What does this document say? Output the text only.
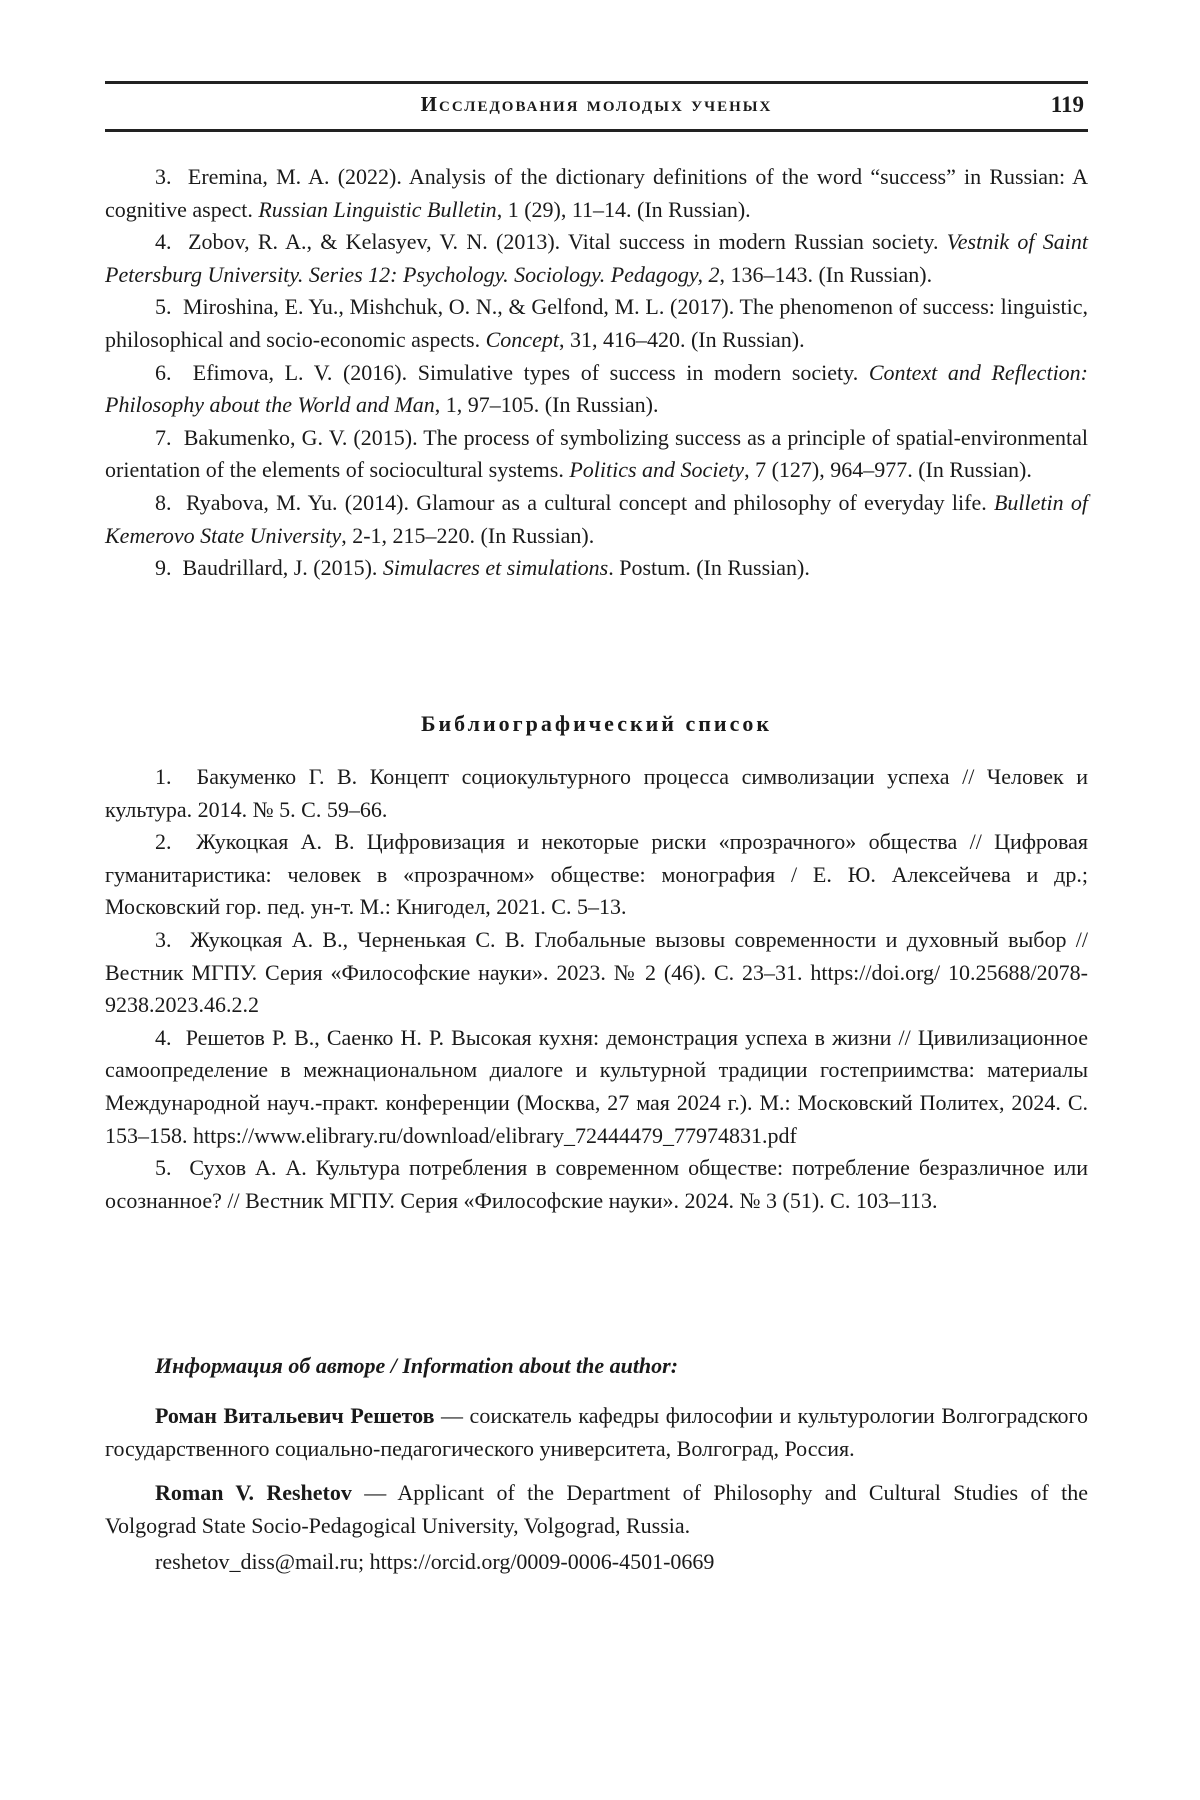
Исследования молодых ученых	119

3. Eremina, M. A. (2022). Analysis of the dictionary definitions of the word “success” in Russian: A cognitive aspect. Russian Linguistic Bulletin, 1 (29), 11–14. (In Russian).

4. Zobov, R. A., & Kelasyev, V. N. (2013). Vital success in modern Russian society. Vestnik of Saint Petersburg University. Series 12: Psychology. Sociology. Pedagogy, 2, 136–143. (In Russian).

5. Miroshina, E. Yu., Mishchuk, O. N., & Gelfond, M. L. (2017). The phenomenon of success: linguistic, philosophical and socio-economic aspects. Concept, 31, 416–420. (In Russian).

6. Efimova, L. V. (2016). Simulative types of success in modern society. Context and Reflection: Philosophy about the World and Man, 1, 97–105. (In Russian).

7. Bakumenko, G. V. (2015). The process of symbolizing success as a principle of spatial-environmental orientation of the elements of sociocultural systems. Politics and Society, 7 (127), 964–977. (In Russian).

8. Ryabova, M. Yu. (2014). Glamour as a cultural concept and philosophy of everyday life. Bulletin of Kemerovo State University, 2-1, 215–220. (In Russian).

9. Baudrillard, J. (2015). Simulacres et simulations. Postum. (In Russian).

Библиографический список

1. Бакуменко Г. В. Концепт социокультурного процесса символизации успеха // Человек и культура. 2014. № 5. С. 59–66.

2. Жукоцкая А. В. Цифровизация и некоторые риски «прозрачного» общества // Цифровая гуманитаристика: человек в «прозрачном» обществе: монография / Е. Ю. Алексейчева и др.; Московский гор. пед. ун-т. М.: Книгодел, 2021. С. 5–13.

3. Жукоцкая А. В., Черненькая С. В. Глобальные вызовы современности и духовный выбор // Вестник МГПУ. Серия «Философские науки». 2023. № 2 (46). С. 23–31. https://doi.org/ 10.25688/2078-9238.2023.46.2.2

4. Решетов Р. В., Саенко Н. Р. Высокая кухня: демонстрация успеха в жизни // Цивилизационное самоопределение в межнациональном диалоге и культурной традиции гостеприимства: материалы Международной науч.-практ. конференции (Москва, 27 мая 2024 г.). М.: Московский Политех, 2024. С. 153–158. https://www.elibrary.ru/download/elibrary_72444479_77974831.pdf

5. Сухов А. А. Культура потребления в современном обществе: потребление безразличное или осознанное? // Вестник МГПУ. Серия «Философские науки». 2024. № 3 (51). С. 103–113.

Информация об авторе / Information about the author:

Роман Витальевич Решетов — соискатель кафедры философии и культурологии Волгоградского государственного социально-педагогического университета, Волгоград, Россия.

Roman V. Reshetov — Applicant of the Department of Philosophy and Cultural Studies of the Volgograd State Socio-Pedagogical University, Volgograd, Russia.

reshetov_diss@mail.ru; https://orcid.org/0009-0006-4501-0669
